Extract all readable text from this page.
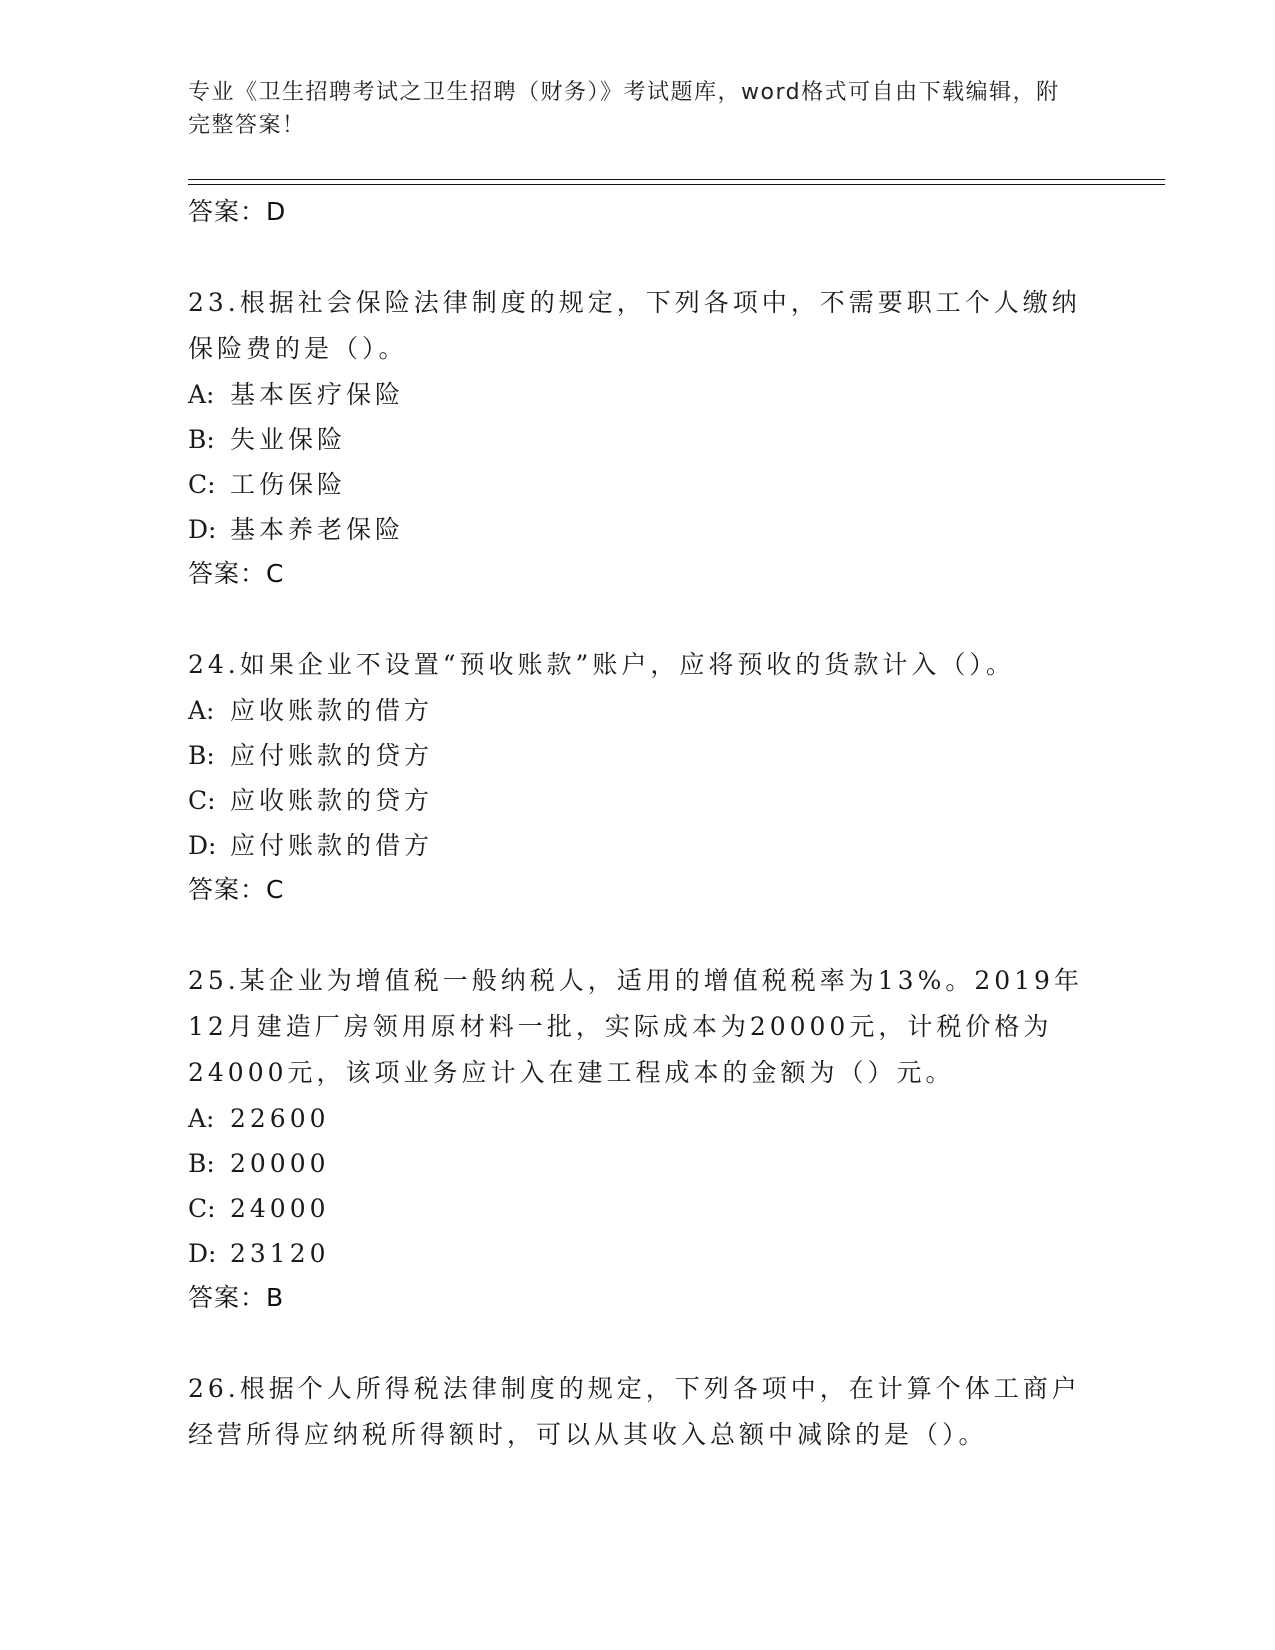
专业《卫生招聘考试之卫生招聘（财务）》考试题库，word格式可自由下载编辑，附完整答案！
答案：D
23.根据社会保险法律制度的规定，下列各项中，不需要职工个人缴纳保险费的是（）。
A: 基本医疗保险
B: 失业保险
C: 工伤保险
D: 基本养老保险
答案：C
24.如果企业不设置“预收账款”账户，应将预收的货款计入（）。
A: 应收账款的借方
B: 应付账款的贷方
C: 应收账款的贷方
D: 应付账款的借方
答案：C
25.某企业为增值税一般纳税人，适用的增值税税率为13%。2019年12月建造厂房领用原材料一批，实际成本为20000元，计税价格为24000元，该项业务应计入在建工程成本的金额为（）元。
A: 22600
B: 20000
C: 24000
D: 23120
答案：B
26.根据个人所得税法律制度的规定，下列各项中，在计算个体工商户经营所得应纳税所得额时，可以从其收入总额中减除的是（）。
